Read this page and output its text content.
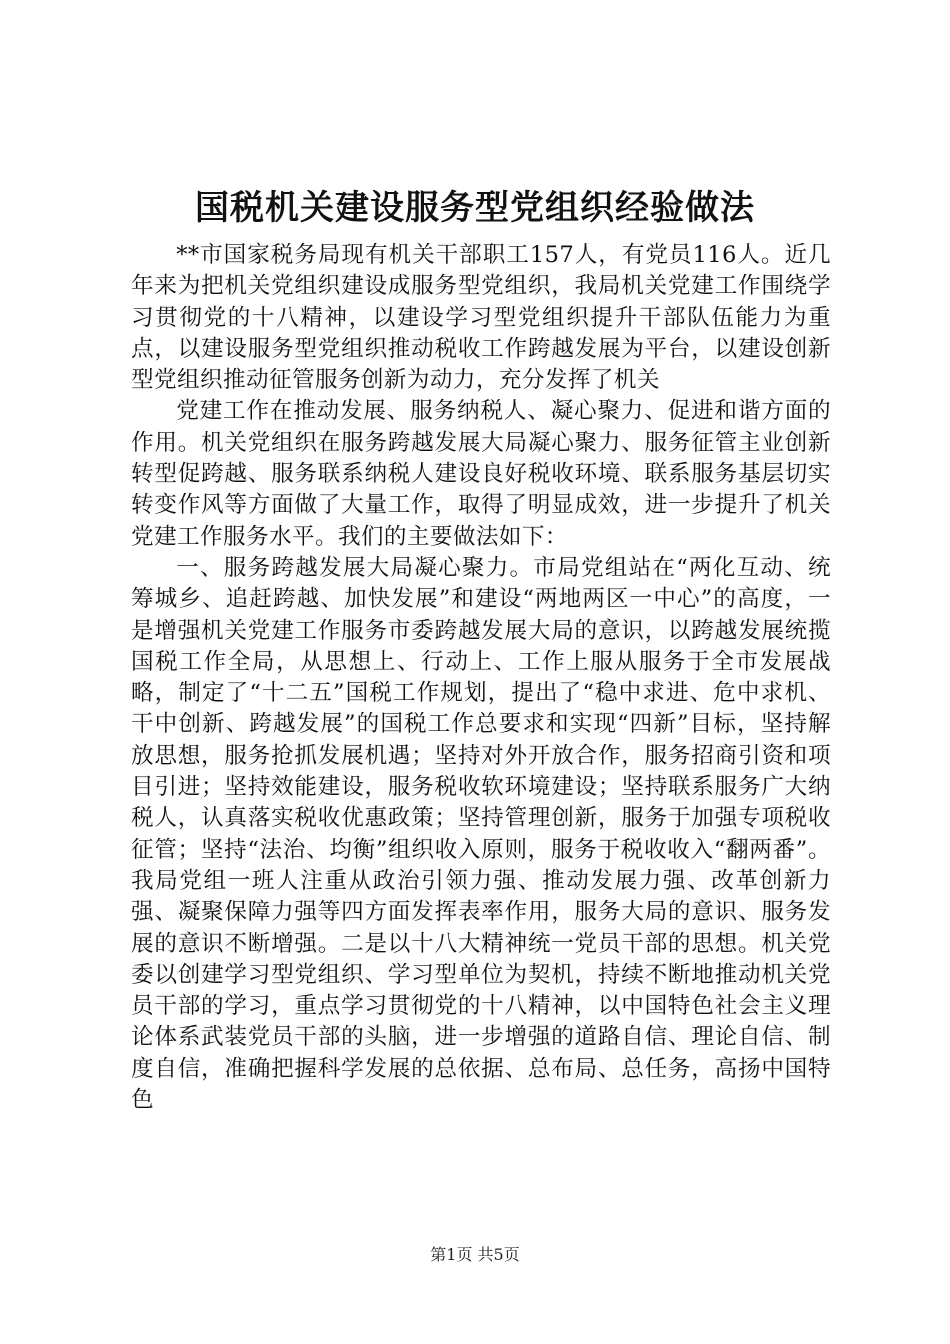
国税机关建设服务型党组织经验做法

**市国家税务局现有机关干部职工157人，有党员116人。近几年来为把机关党组织建设成服务型党组织，我局机关党建工作围绕学习贯彻党的十八精神，以建设学习型党组织提升干部队伍能力为重点，以建设服务型党组织推动税收工作跨越发展为平台，以建设创新型党组织推动征管服务创新为动力，充分发挥了机关

党建工作在推动发展、服务纳税人、凝心聚力、促进和谐方面的作用。机关党组织在服务跨越发展大局凝心聚力、服务征管主业创新转型促跨越、服务联系纳税人建设良好税收环境、联系服务基层切实转变作风等方面做了大量工作，取得了明显成效，进一步提升了机关党建工作服务水平。我们的主要做法如下：

一、服务跨越发展大局凝心聚力。市局党组站在“两化互动、统筹城乡、追赶跨越、加快发展”和建设“两地两区一中心”的高度，一是增强机关党建工作服务市委跨越发展大局的意识，以跨越发展统揽国税工作全局，从思想上、行动上、工作上服从服务于全市发展战略，制定了“十二五”国税工作规划，提出了“稳中求进、危中求机、干中创新、跨越发展”的国税工作总要求和实现“四新”目标，坚持解放思想，服务抢抓发展机遇；坚持对外开放合作，服务招商引资和项目引进；坚持效能建设，服务税收软环境建设；坚持联系服务广大纳税人，认真落实税收优惠政策；坚持管理创新，服务于加强专项税收征管；坚持“法治、均衡”组织收入原则，服务于税收收入“翻两番”。我局党组一班人注重从政治引领力强、推动发展力强、改革创新力强、凝聚保障力强等四方面发挥表率作用，服务大局的意识、服务发展的意识不断增强。二是以十八大精神统一党员干部的思想。机关党委以创建学习型党组织、学习型单位为契机，持续不断地推动机关党员干部的学习，重点学习贯彻党的十八精神，以中国特色社会主义理论体系武装党员干部的头脑，进一步增强的道路自信、理论自信、制度自信，准确把握科学发展的总依据、总布局、总任务，高扬中国特色

第1页 共5页
